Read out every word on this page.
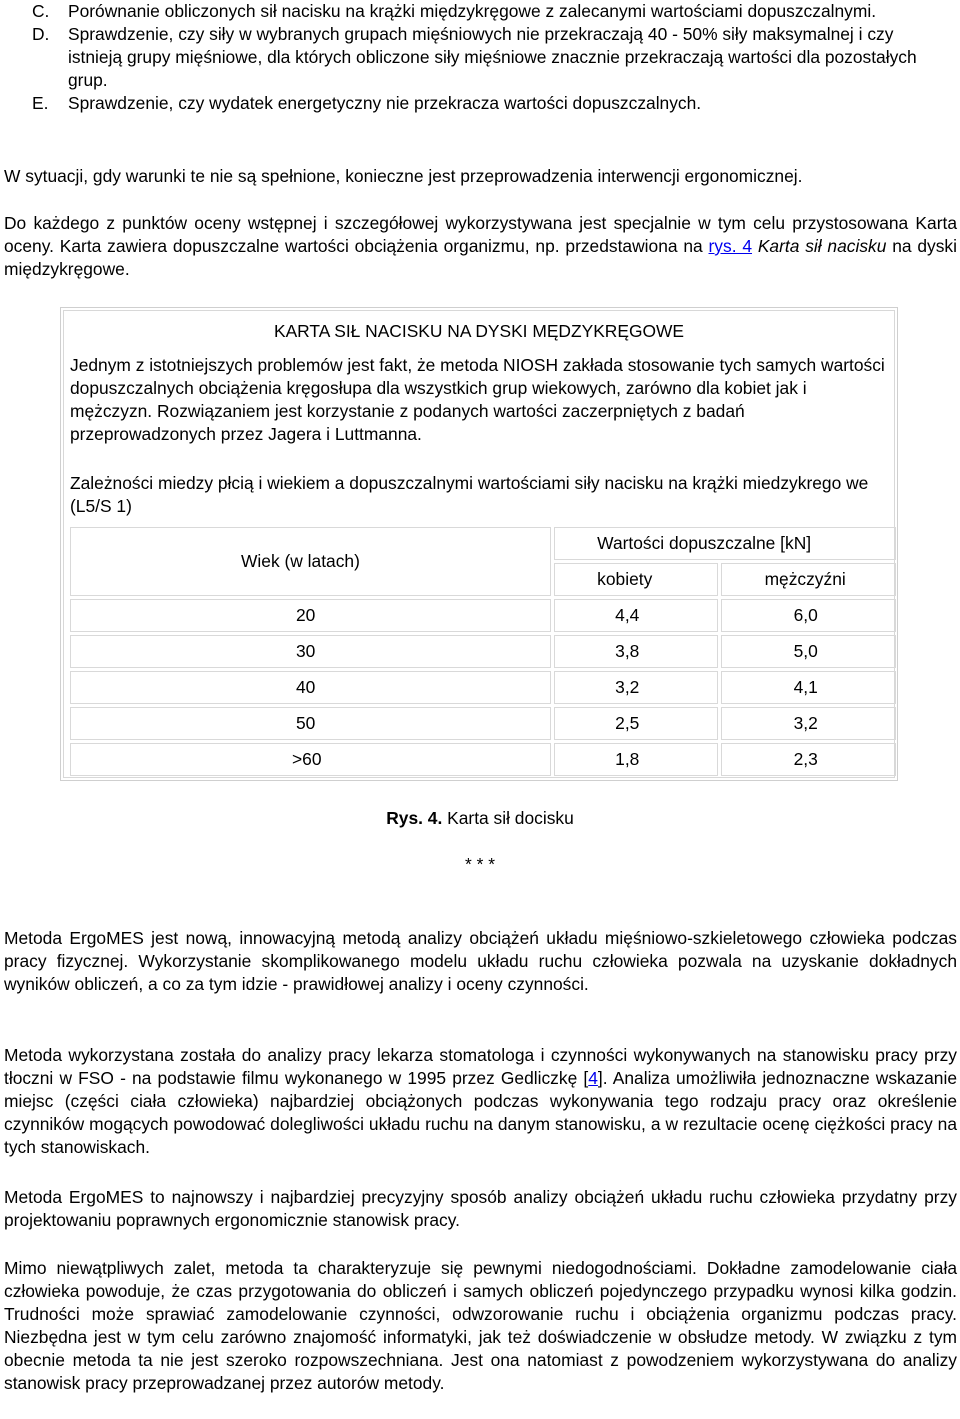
C. Porównanie obliczonych sił nacisku na krążki międzykręgowe z zalecanymi wartościami dopuszczalnymi.
D. Sprawdzenie, czy siły w wybranych grupach mięśniowych nie przekraczają 40 - 50% siły maksymalnej i czy istnieją grupy mięśniowe, dla których obliczone siły mięśniowe znacznie przekraczają wartości dla pozostałych grup.
E. Sprawdzenie, czy wydatek energetyczny nie przekracza wartości dopuszczalnych.
W sytuacji, gdy warunki te nie są spełnione, konieczne jest przeprowadzenia interwencji ergonomicznej.
Do każdego z punktów oceny wstępnej i szczegółowej wykorzystywana jest specjalnie w tym celu przystosowana Karta oceny. Karta zawiera dopuszczalne wartości obciążenia organizmu, np. przedstawiona na rys. 4 Karta sił nacisku na dyski międzykręgowe.
KARTA SIŁ NACISKU NA DYSKI MĘDZYKRĘGOWE
Jednym z istotniejszych problemów jest fakt, że metoda NIOSH zakłada stosowanie tych samych wartości dopuszczalnych obciążenia kręgosłupa dla wszystkich grup wiekowych, zarówno dla kobiet jak i mężczyzn. Rozwiązaniem jest korzystanie z podanych wartości zaczerpniętych z badań przeprowadzonych przez Jagera i Luttmanna.
Zależności miedzy płcią i wiekiem a dopuszczalnymi wartościami siły nacisku na krążki miedzykrego we (L5/S 1)
Wiek (w latach)	Wartości dopuszczalne [kN]	
	kobiety	mężczyźni
20	4,4	6,0
30	3,8	5,0
40	3,2	4,1
50	2,5	3,2
>60	1,8	2,3
Rys. 4. Karta sił docisku
* * *
Metoda ErgoMES jest nową, innowacyjną metodą analizy obciążeń układu mięśniowo-szkieletowego człowieka podczas pracy fizycznej. Wykorzystanie skomplikowanego modelu układu ruchu człowieka pozwala na uzyskanie dokładnych wyników obliczeń, a co za tym idzie - prawidłowej analizy i oceny czynności.
Metoda wykorzystana została do analizy pracy lekarza stomatologa i czynności wykonywanych na stanowisku pracy przy tłoczni w FSO - na podstawie filmu wykonanego w 1995 przez Gedliczkę [4]. Analiza umożliwiła jednoznaczne wskazanie miejsc (części ciała człowieka) najbardziej obciążonych podczas wykonywania tego rodzaju pracy oraz określenie czynników mogących powodować dolegliwości układu ruchu na danym stanowisku, a w rezultacie ocenę ciężkości pracy na tych stanowiskach.
Metoda ErgoMES to najnowszy i najbardziej precyzyjny sposób analizy obciążeń układu ruchu człowieka przydatny przy projektowaniu poprawnych ergonomicznie stanowisk pracy.
Mimo niewątpliwych zalet, metoda ta charakteryzuje się pewnymi niedogodnościami. Dokładne zamodelowanie ciała człowieka powoduje, że czas przygotowania do obliczeń i samych obliczeń pojedynczego przypadku wynosi kilka godzin. Trudności może sprawiać zamodelowanie czynności, odwzorowanie ruchu i obciążenia organizmu podczas pracy. Niezbędna jest w tym celu zarówno znajomość informatyki, jak też doświadczenie w obsłudze metody. W związku z tym obecnie metoda ta nie jest szeroko rozpowszechniana. Jest ona natomiast z powodzeniem wykorzystywana do analizy stanowisk pracy przeprowadzanej przez autorów metody.
